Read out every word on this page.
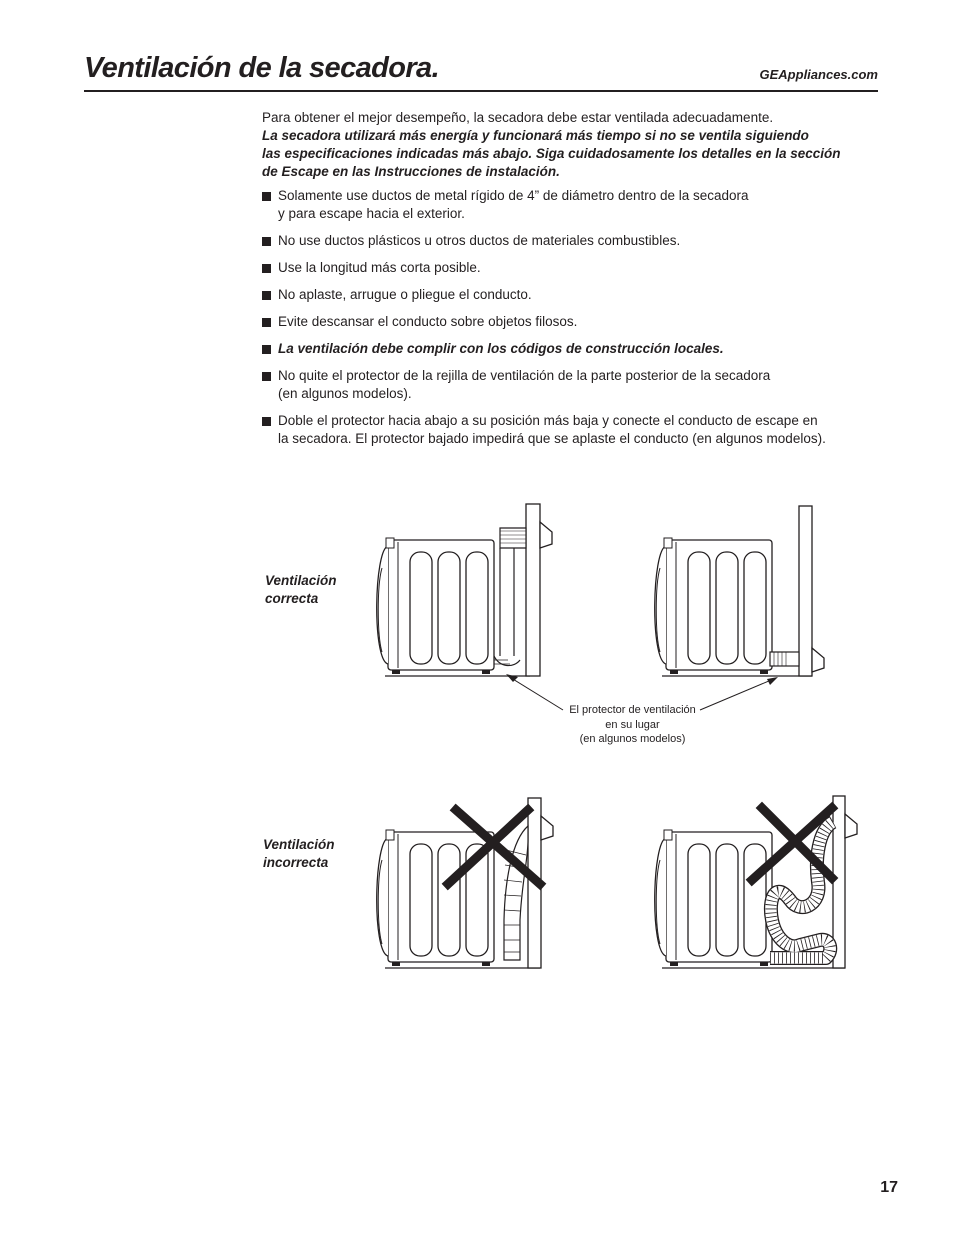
Ventilación de la secadora.	GEAppliances.com

Para obtener el mejor desempeño, la secadora debe estar ventilada adecuadamente.

La secadora utilizará más energía y funcionará más tiempo si no se ventila siguiendo

las especificaciones indicadas más abajo. Siga cuidadosamente los detalles en la sección

de Escape en las Instrucciones de instalación.

Solamente use ductos de metal rígido de 4” de diámetro dentro de la secadora
y para escape hacia el exterior.
No use ductos plásticos u otros ductos de materiales combustibles.
Use la longitud más corta posible.
No aplaste, arrugue o pliegue el conducto.
Evite descansar el conducto sobre objetos filosos.
La ventilación debe complir con los códigos de construcción locales.
No quite el protector de la rejilla de ventilación de la parte posterior de la secadora
(en algunos modelos).
Doble el protector hacia abajo a su posición más baja y conecte el conducto de escape en
la secadora. El protector bajado impedirá que se aplaste el conducto (en algunos modelos).
Ventilación
correcta
Ventilación
incorrecta
El protector de ventilación
en su lugar
(en algunos modelos)
17
